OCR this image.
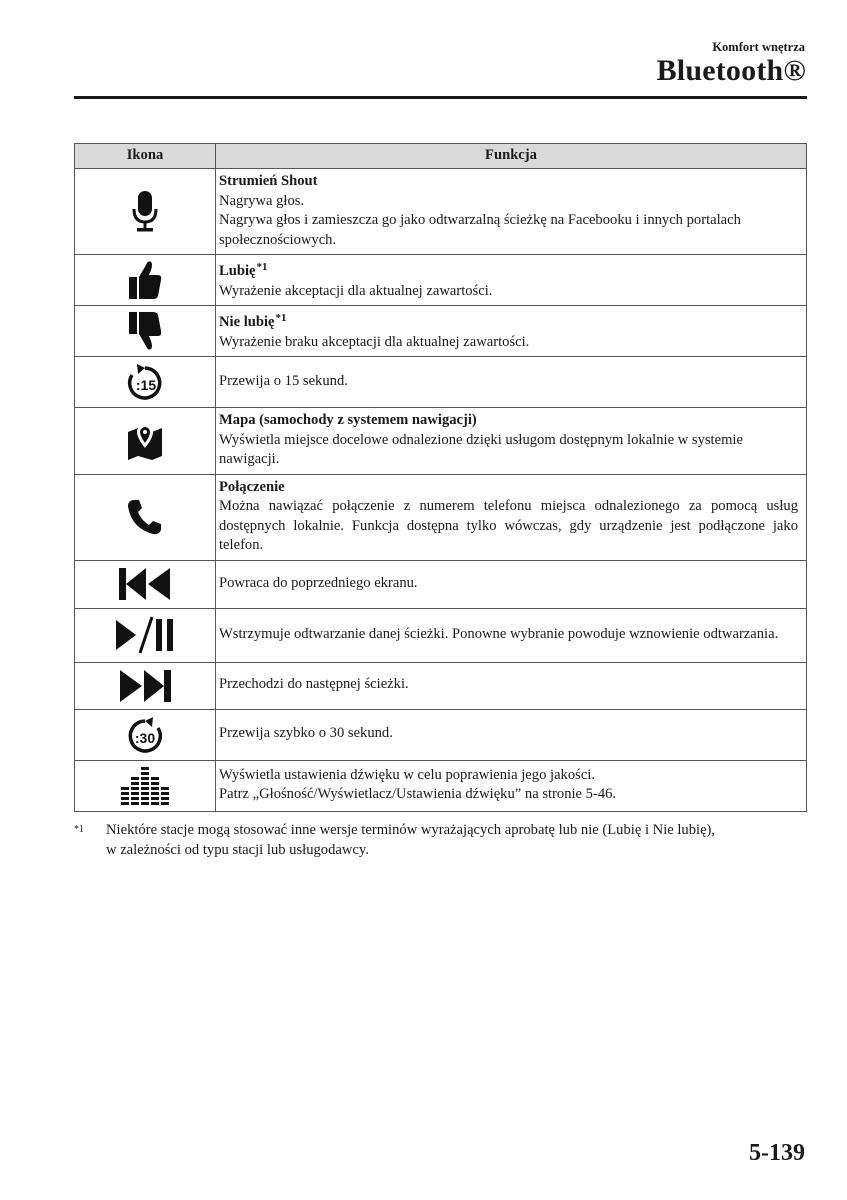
Komfort wnętrza
Bluetooth®
Ikona	Funkcja

Strumień Shout
Nagrywa głos.
Nagrywa głos i zamieszcza go jako odtwarzalną ścieżkę na Facebooku i innych portalach społecznościowych.

Lubię$^{*1}$
Wyrażenie akceptacji dla aktualnej zawartości.

Nie lubię$^{*1}$
Wyrażenie braku akceptacji dla aktualnej zawartości.

:15	Przewija o 15 sekund.

Mapa (samochody z systemem nawigacji)
Wyświetla miejsce docelowe odnalezione dzięki usługom dostępnym lokalnie w systemie nawigacji.

Połączenie
Można nawiązać połączenie z numerem telefonu miejsca odnalezionego za pomocą usług dostępnych lokalnie. Funkcja dostępna tylko wówczas, gdy urządzenie jest podłączone jako telefon.

Powraca do poprzedniego ekranu.

Wstrzymuje odtwarzanie danej ścieżki. Ponowne wybranie powoduje wznowienie odtwarzania.

Przechodzi do następnej ścieżki.

:30	Przewija szybko o 30 sekund.

Wyświetla ustawienia dźwięku w celu poprawienia jego jakości.
Patrz „Głośność/Wyświetlacz/Ustawienia dźwięku” na stronie 5-46.
$^{*1}$ Niektóre stacje mogą stosować inne wersje terminów wyrażających aprobatę lub nie (Lubię i Nie lubię),
w zależności od typu stacji lub usługodawcy.
5-139
